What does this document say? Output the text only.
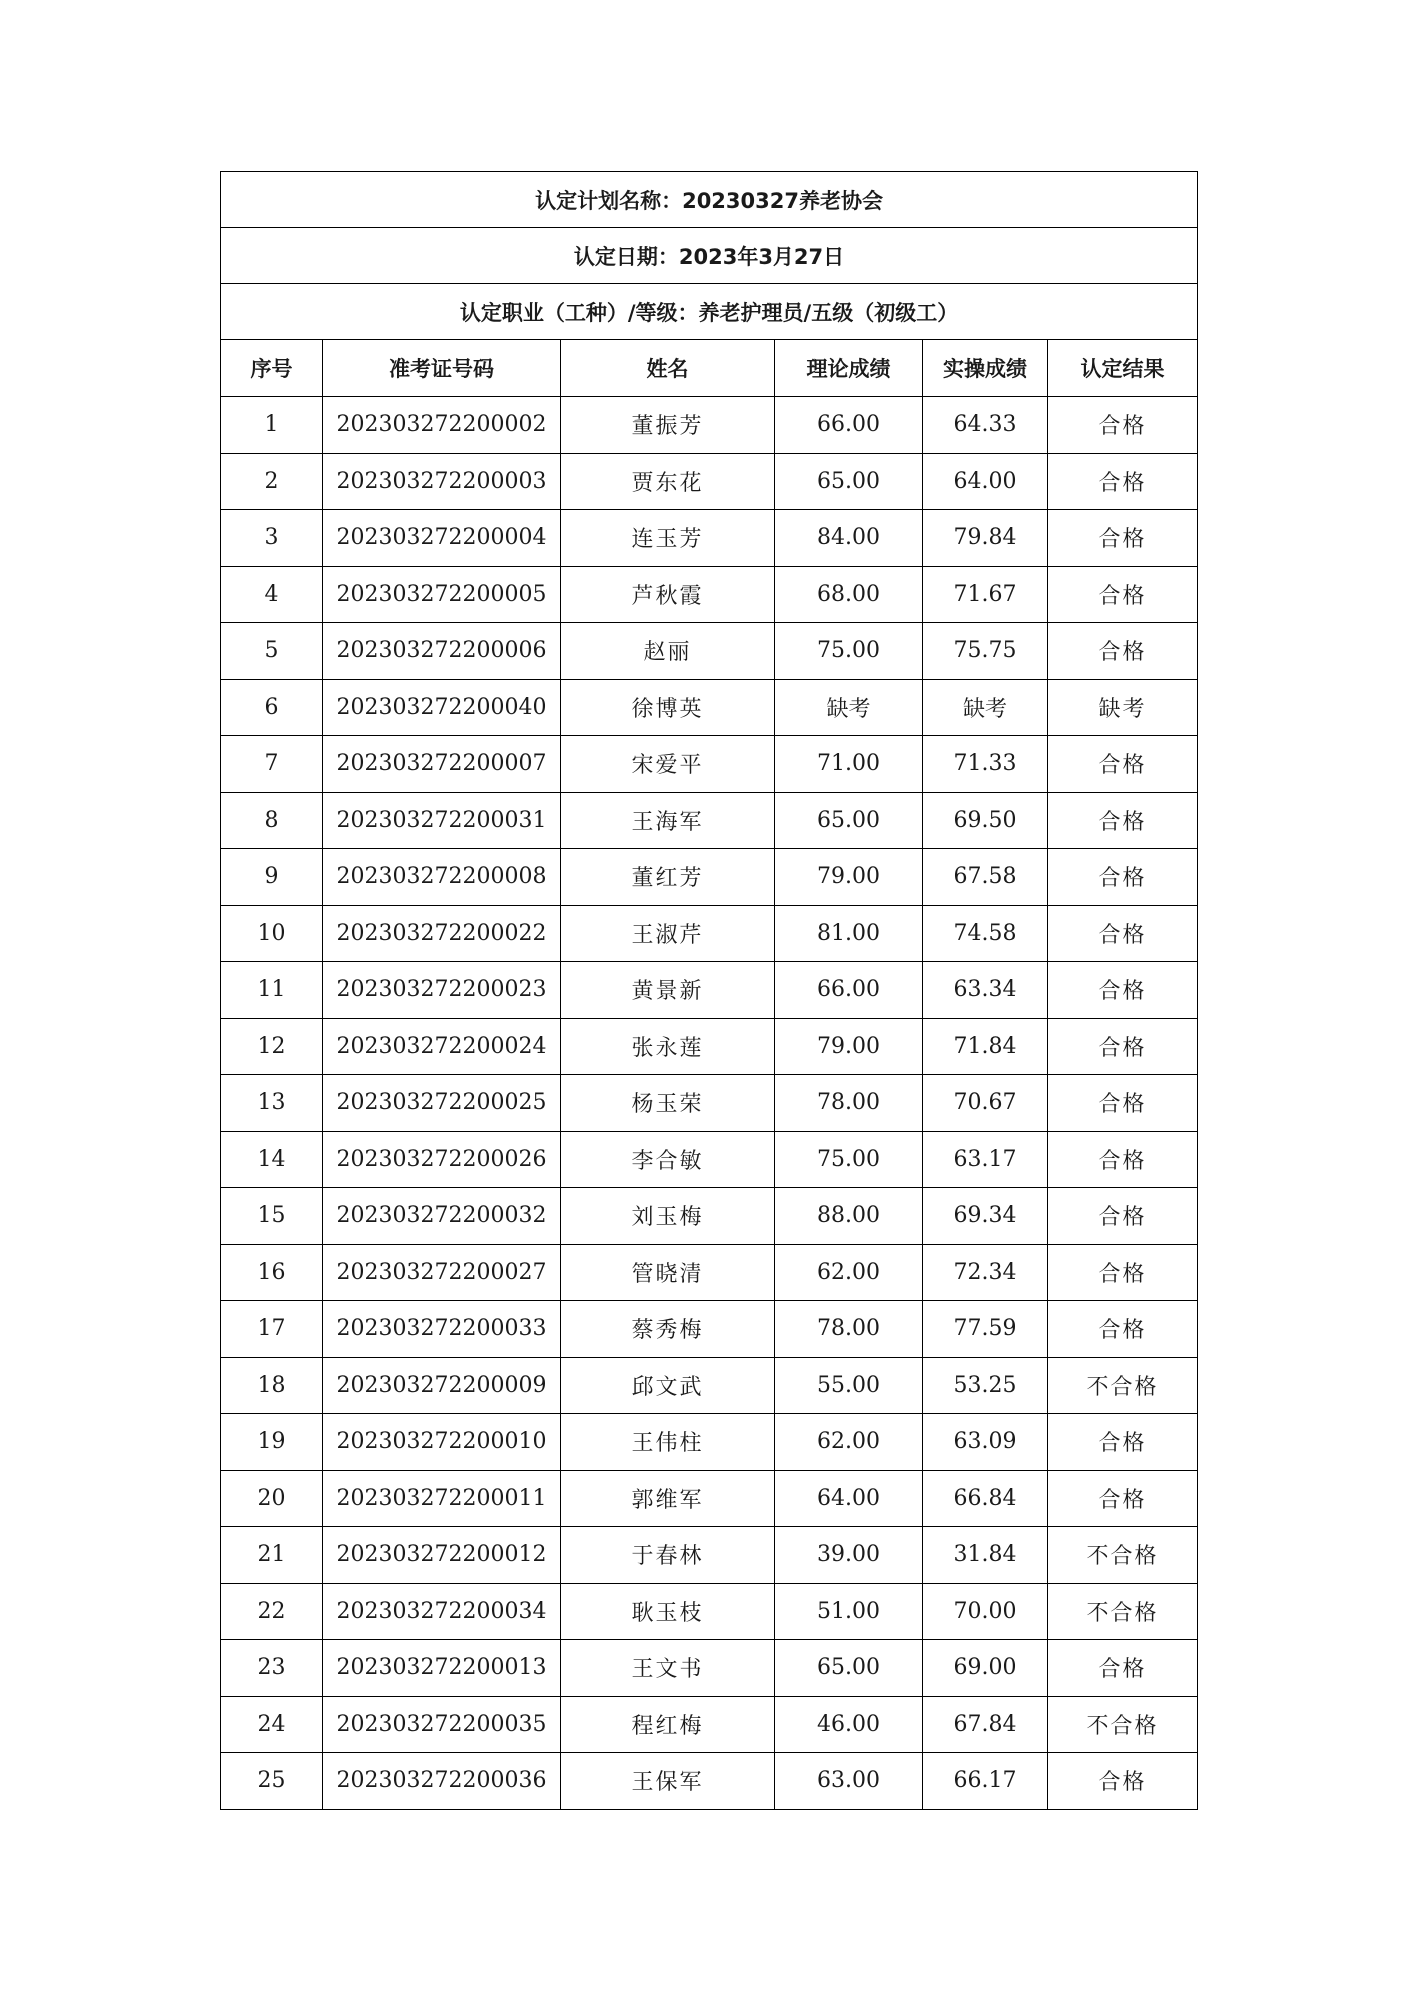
认定计划名称：20230327养老协会					
认定日期：2023年3月27日					
认定职业（工种）/等级：养老护理员/五级（初级工）					
序号	准考证号码	姓名	理论成绩	实操成绩	认定结果
1	202303272200002	董振芳	66.00	64.33	合格
2	202303272200003	贾东花	65.00	64.00	合格
3	202303272200004	连玉芳	84.00	79.84	合格
4	202303272200005	芦秋霞	68.00	71.67	合格
5	202303272200006	赵丽	75.00	75.75	合格
6	202303272200040	徐博英	缺考	缺考	缺考
7	202303272200007	宋爱平	71.00	71.33	合格
8	202303272200031	王海军	65.00	69.50	合格
9	202303272200008	董红芳	79.00	67.58	合格
10	202303272200022	王淑芹	81.00	74.58	合格
11	202303272200023	黄景新	66.00	63.34	合格
12	202303272200024	张永莲	79.00	71.84	合格
13	202303272200025	杨玉荣	78.00	70.67	合格
14	202303272200026	李合敏	75.00	63.17	合格
15	202303272200032	刘玉梅	88.00	69.34	合格
16	202303272200027	管晓清	62.00	72.34	合格
17	202303272200033	蔡秀梅	78.00	77.59	合格
18	202303272200009	邱文武	55.00	53.25	不合格
19	202303272200010	王伟柱	62.00	63.09	合格
20	202303272200011	郭维军	64.00	66.84	合格
21	202303272200012	于春林	39.00	31.84	不合格
22	202303272200034	耿玉枝	51.00	70.00	不合格
23	202303272200013	王文书	65.00	69.00	合格
24	202303272200035	程红梅	46.00	67.84	不合格
25	202303272200036	王保军	63.00	66.17	合格
